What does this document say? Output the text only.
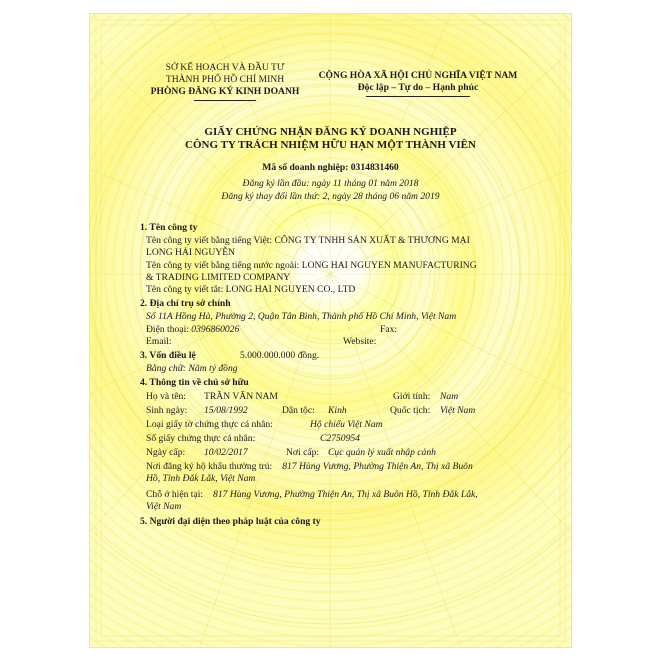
SỞ KẾ HOẠCH VÀ ĐẦU TƯ
THÀNH PHỐ HỒ CHÍ MINH
PHÒNG ĐĂNG KÝ KINH DOANH
CỘNG HÒA XÃ HỘI CHỦ NGHĨA VIỆT NAM
Độc lập – Tự do – Hạnh phúc
GIẤY CHỨNG NHẬN ĐĂNG KÝ DOANH NGHIỆP
CÔNG TY TRÁCH NHIỆM HỮU HẠN MỘT THÀNH VIÊN
Mã số doanh nghiệp: 0314831460
Đăng ký lần đầu: ngày 11 tháng 01 năm 2018
Đăng ký thay đổi lần thứ: 2, ngày 28 tháng 06 năm 2019
1. Tên công ty
Tên công ty viết bằng tiếng Việt: CÔNG TY TNHH SẢN XUẤT & THƯƠNG MẠI
LONG HẢI NGUYỄN
Tên công ty viết bằng tiếng nước ngoài: LONG HAI NGUYEN MANUFACTURING
& TRADING LIMITED COMPANY
Tên công ty viết tắt: LONG HAI NGUYEN CO., LTD
2. Địa chỉ trụ sở chính
Số 11A Hồng Hà, Phường 2, Quận Tân Bình, Thành phố Hồ Chí Minh, Việt Nam
Điện thoại: 0396860026	Fax:
Email:	Website:
3. Vốn điều lệ	5.000.000.000 đồng.
Bằng chữ: Năm tỷ đồng
4. Thông tin về chủ sở hữu
Họ và tên: TRẦN VĂN NAM	Giới tính: Nam
Sinh ngày: 15/08/1992	Dân tộc: Kinh	Quốc tịch: Việt Nam
Loại giấy tờ chứng thực cá nhân:	Hộ chiếu Việt Nam
Số giấy chứng thực cá nhân:	C2750954
Ngày cấp: 10/02/2017	Nơi cấp: Cục quản lý xuất nhập cảnh
Nơi đăng ký hộ khẩu thường trú: 817 Hùng Vương, Phường Thiện An, Thị xã Buôn
Hồ, Tỉnh Đắk Lắk, Việt Nam
Chỗ ở hiện tại: 817 Hùng Vương, Phường Thiện An, Thị xã Buôn Hồ, Tỉnh Đắk Lắk,
Việt Nam
5. Người đại diện theo pháp luật của công ty
